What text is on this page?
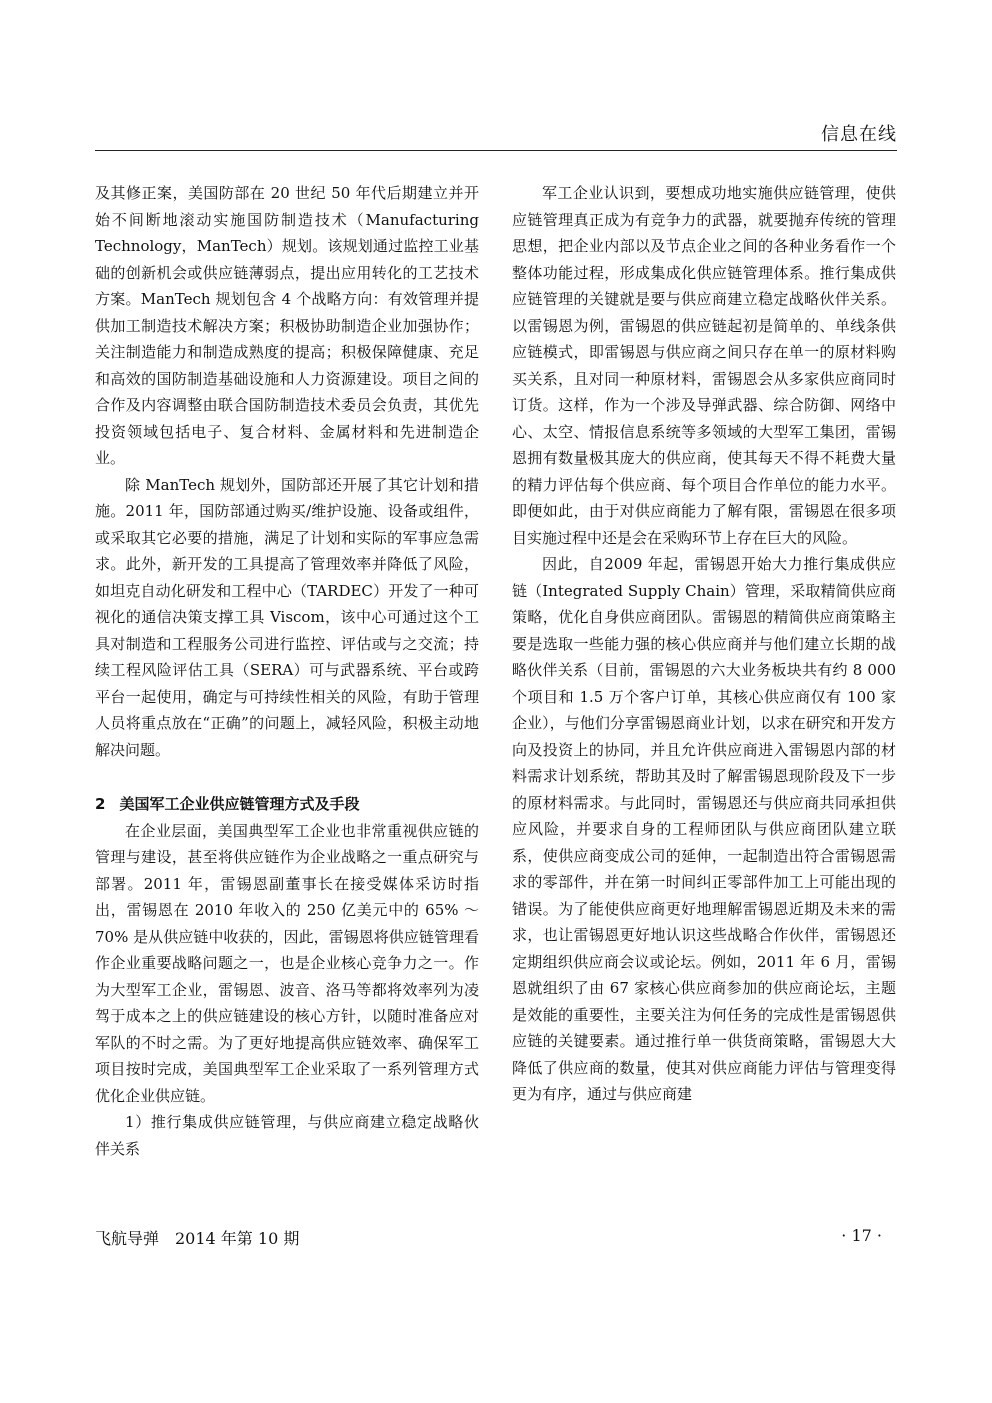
信息在线

及其修正案，美国防部在 20 世纪 50 年代后期建立并开始不间断地滚动实施国防制造技术（Manufacturing Technology，ManTech）规划。该规划通过监控工业基础的创新机会或供应链薄弱点，提出应用转化的工艺技术方案。ManTech 规划包含 4 个战略方向：有效管理并提供加工制造技术解决方案；积极协助制造企业加强协作；关注制造能力和制造成熟度的提高；积极保障健康、充足和高效的国防制造基础设施和人力资源建设。项目之间的合作及内容调整由联合国防制造技术委员会负责，其优先投资领域包括电子、复合材料、金属材料和先进制造企业。

除 ManTech 规划外，国防部还开展了其它计划和措施。2011 年，国防部通过购买/维护设施、设备或组件，或采取其它必要的措施，满足了计划和实际的军事应急需求。此外，新开发的工具提高了管理效率并降低了风险，如坦克自动化研发和工程中心（TARDEC）开发了一种可视化的通信决策支撑工具 Viscom，该中心可通过这个工具对制造和工程服务公司进行监控、评估或与之交流；持续工程风险评估工具（SERA）可与武器系统、平台或跨平台一起使用，确定与可持续性相关的风险，有助于管理人员将重点放在“正确”的问题上，减轻风险，积极主动地解决问题。

2 美国军工企业供应链管理方式及手段

在企业层面，美国典型军工企业也非常重视供应链的管理与建设，甚至将供应链作为企业战略之一重点研究与部署。2011 年，雷锡恩副董事长在接受媒体采访时指出，雷锡恩在 2010 年收入的 250 亿美元中的 65% ～70% 是从供应链中收获的，因此，雷锡恩将供应链管理看作企业重要战略问题之一，也是企业核心竞争力之一。作为大型军工企业，雷锡恩、波音、洛马等都将效率列为凌驾于成本之上的供应链建设的核心方针，以随时准备应对军队的不时之需。为了更好地提高供应链效率、确保军工项目按时完成，美国典型军工企业采取了一系列管理方式优化企业供应链。

1）推行集成供应链管理，与供应商建立稳定战略伙伴关系

军工企业认识到，要想成功地实施供应链管理，使供应链管理真正成为有竞争力的武器，就要抛弃传统的管理思想，把企业内部以及节点企业之间的各种业务看作一个整体功能过程，形成集成化供应链管理体系。推行集成供应链管理的关键就是要与供应商建立稳定战略伙伴关系。以雷锡恩为例，雷锡恩的供应链起初是简单的、单线条供应链模式，即雷锡恩与供应商之间只存在单一的原材料购买关系，且对同一种原材料，雷锡恩会从多家供应商同时订货。这样，作为一个涉及导弹武器、综合防御、网络中心、太空、情报信息系统等多领域的大型军工集团，雷锡恩拥有数量极其庞大的供应商，使其每天不得不耗费大量的精力评估每个供应商、每个项目合作单位的能力水平。即便如此，由于对供应商能力了解有限，雷锡恩在很多项目实施过程中还是会在采购环节上存在巨大的风险。

因此，自2009 年起，雷锡恩开始大力推行集成供应链（Integrated Supply Chain）管理，采取精简供应商策略，优化自身供应商团队。雷锡恩的精简供应商策略主要是选取一些能力强的核心供应商并与他们建立长期的战略伙伴关系（目前，雷锡恩的六大业务板块共有约 8 000 个项目和 1.5 万个客户订单，其核心供应商仅有 100 家企业），与他们分享雷锡恩商业计划，以求在研究和开发方向及投资上的协同，并且允许供应商进入雷锡恩内部的材料需求计划系统，帮助其及时了解雷锡恩现阶段及下一步的原材料需求。与此同时，雷锡恩还与供应商共同承担供应风险，并要求自身的工程师团队与供应商团队建立联系，使供应商变成公司的延伸，一起制造出符合雷锡恩需求的零部件，并在第一时间纠正零部件加工上可能出现的错误。为了能使供应商更好地理解雷锡恩近期及未来的需求，也让雷锡恩更好地认识这些战略合作伙伴，雷锡恩还定期组织供应商会议或论坛。例如，2011 年 6 月，雷锡恩就组织了由 67 家核心供应商参加的供应商论坛，主题是效能的重要性，主要关注为何任务的完成性是雷锡恩供应链的关键要素。通过推行单一供货商策略，雷锡恩大大降低了供应商的数量，使其对供应商能力评估与管理变得更为有序，通过与供应商建

飞航导弹　2014 年第 10 期	· 17 ·
